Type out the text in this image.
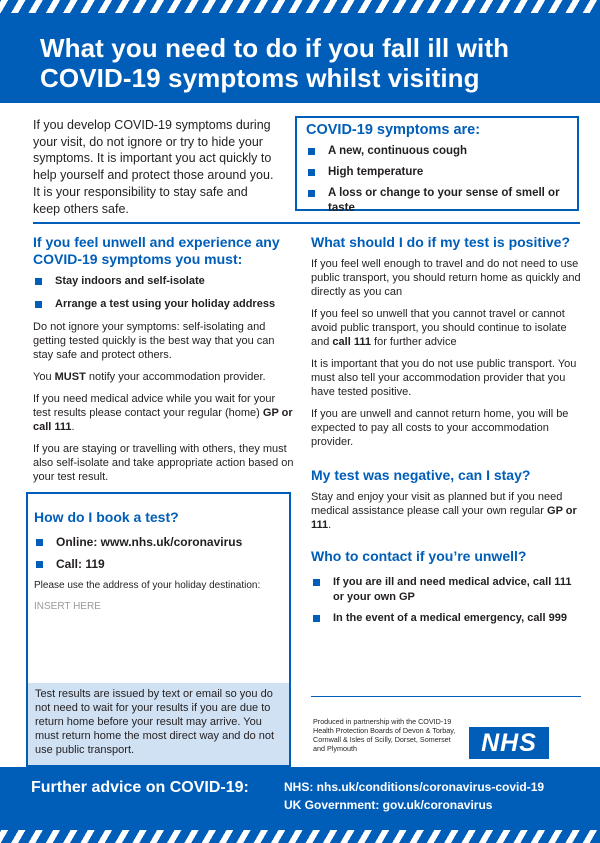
What you need to do if you fall ill with
COVID-19 symptoms whilst visiting

If you develop COVID-19 symptoms during your visit, do not ignore or try to hide your symptoms. It is important you act quickly to help yourself and protect those around you. It is your responsibility to stay safe and keep others safe.

COVID-19 symptoms are:
A new, continuous cough
High temperature
A loss or change to your sense of smell or taste
If you feel unwell and experience any COVID-19 symptoms you must:
Stay indoors and self-isolate
Arrange a test using your holiday address

Do not ignore your symptoms: self-isolating and getting tested quickly is the best way that you can stay safe and protect others.

You MUST notify your accommodation provider.

If you need medical advice while you wait for your test results please contact your regular (home) GP or call 111.

If you are staying or travelling with others, they must also self-isolate and take appropriate action based on your test result.

How do I book a test?
Online: www.nhs.uk/coronavirus
Call: 119

Please use the address of your holiday destination:

INSERT HERE

Test results are issued by text or email so you do not need to wait for your results if you are due to return home before your result may arrive. You must return home the most direct way and do not use public transport.
What should I do if my test is positive?

If you feel well enough to travel and do not need to use public transport, you should return home as quickly and directly as you can

If you feel so unwell that you cannot travel or cannot avoid public transport, you should continue to isolate and call 111 for further advice

It is important that you do not use public transport. You must also tell your accommodation provider that you have tested positive.

If you are unwell and cannot return home, you will be expected to pay all costs to your accommodation provider.

My test was negative, can I stay?

Stay and enjoy your visit as planned but if you need medical assistance please call your own regular GP or 111.

Who to contact if you’re unwell?
If you are ill and need medical advice, call 111 or your own GP
In the event of a medical emergency, call 999

Produced in partnership with the COVID-19 Health Protection Boards of Devon & Torbay, Cornwall & Isles of Scilly, Dorset, Somerset and Plymouth	NHS
Further advice on COVID-19:	NHS: nhs.uk/conditions/coronavirus-covid-19
UK Government: gov.uk/coronavirus
